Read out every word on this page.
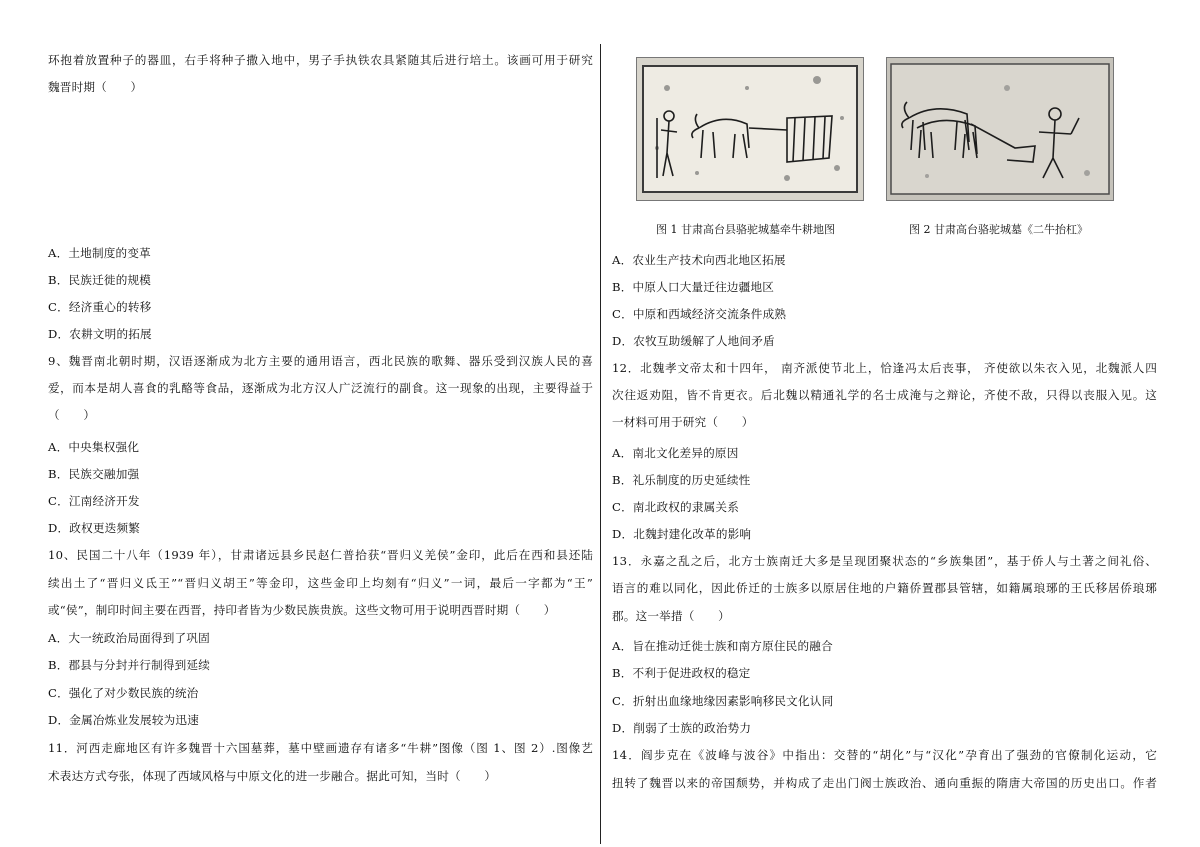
环抱着放置种子的器皿，右手将种子撒入地中，男子手执铁农具紧随其后进行培土。该画可用于研究
魏晋时期（　　）
A．土地制度的变革
B．民族迁徙的规模
C．经济重心的转移
D．农耕文明的拓展
9、魏晋南北朝时期，汉语逐渐成为北方主要的通用语言，西北民族的歌舞、器乐受到汉族人民的喜
爱，而本是胡人喜食的乳酪等食品，逐渐成为北方汉人广泛流行的副食。这一现象的出现，主要得益于
（　　）
A．中央集权强化
B．民族交融加强
C．江南经济开发
D．政权更迭频繁
10、民国二十八年（1939 年），甘肃诸远县乡民赵仁普拾获“晋归义羌侯”金印，此后在西和县还陆
续出土了“晋归义氐王”“晋归义胡王”等金印，这些金印上均刻有“归义”一词，最后一字都为“王”
或“侯”，制印时间主要在西晋，持印者皆为少数民族贵族。这些文物可用于说明西晋时期（　　）
A．大一统政治局面得到了巩固
B．郡县与分封并行制得到延续
C．强化了对少数民族的统治
D．金属冶炼业发展较为迅速
11．河西走廊地区有许多魏晋十六国墓葬，墓中壁画遗存有诸多“牛耕”图像（图 1、图 2）.图像艺
术表达方式夸张，体现了西域风格与中原文化的进一步融合。据此可知，当时（　　）
图 1 甘肃高台县骆驼城墓牵牛耕地图	图 2 甘肃高台骆驼城墓《二牛抬杠》
A．农业生产技术向西北地区拓展
B．中原人口大量迁往边疆地区
C．中原和西域经济交流条件成熟
D．农牧互助缓解了人地间矛盾
12．北魏孝文帝太和十四年， 南齐派使节北上，恰逢冯太后丧事， 齐使欲以朱衣入见，北魏派人四
次往返劝阻，皆不肯更衣。后北魏以精通礼学的名士成淹与之辩论，齐使不敌，只得以丧服入见。这
一材料可用于研究（　　）
A．南北文化差异的原因
B．礼乐制度的历史延续性
C．南北政权的隶属关系
D．北魏封建化改革的影响
13．永嘉之乱之后，北方士族南迁大多是呈现团聚状态的“乡族集团”，基于侨人与土著之间礼俗、
语言的难以同化，因此侨迁的士族多以原居住地的户籍侨置郡县管辖，如籍属琅琊的王氏移居侨琅琊
郡。这一举措（　　）
A．旨在推动迁徙士族和南方原住民的融合
B．不利于促进政权的稳定
C．折射出血缘地缘因素影响移民文化认同
D．削弱了士族的政治势力
14．阎步克在《波峰与波谷》中指出：交替的“胡化”与“汉化”孕育出了强劲的官僚制化运动，它
扭转了魏晋以来的帝国颓势，并构成了走出门阀士族政治、通向重振的隋唐大帝国的历史出口。作者
